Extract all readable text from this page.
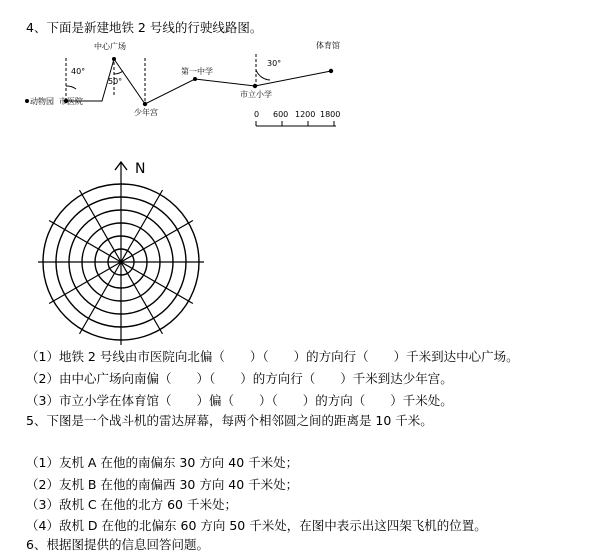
4、下面是新建地铁 2 号线的行驶线路图。
动物园 市医院
中心广场
少年宫
第一中学
市立小学
体育馆
40°
50°
30°
0 600 1200 1800
N
（1）地铁 2 号线由市医院向北偏（　　）（　　）的方向行（　　）千米到达中心广场。
（2）由中心广场向南偏（　　）（　　）的方向行（　　）千米到达少年宫。
（3）市立小学在体育馆（　　）偏（　　）（　　）的方向（　　）千米处。
5、下图是一个战斗机的雷达屏幕，每两个相邻圆之间的距离是 10 千米。
（1）友机 A 在他的南偏东 30 方向 40 千米处；
（2）友机 B 在他的南偏西 30 方向 40 千米处；
（3）敌机 C 在他的北方 60 千米处；
（4）敌机 D 在他的北偏东 60 方向 50 千米处，在图中表示出这四架飞机的位置。
6、根据图提供的信息回答问题。
